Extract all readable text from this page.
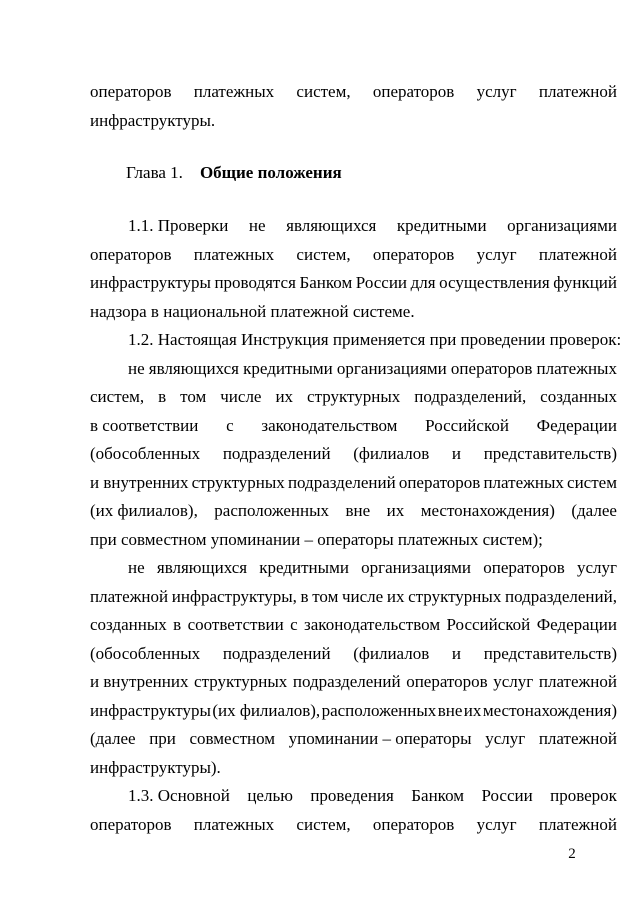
операторов платежных систем, операторов услуг платежной
инфраструктуры.
Глава 1. Общие положения
1.1. Проверки не являющихся кредитными организациями
операторов платежных систем, операторов услуг платежной
инфраструктуры проводятся Банком России для осуществления функций
надзора в национальной платежной системе.
1.2. Настоящая Инструкция применяется при проведении проверок:
не являющихся кредитными организациями операторов платежных
систем, в том числе их структурных подразделений, созданных
в соответствии с законодательством Российской Федерации
(обособленных подразделений (филиалов и представительств)
и внутренних структурных подразделений операторов платежных систем
(их филиалов), расположенных вне их местонахождения) (далее
при совместном упоминании – операторы платежных систем);
не являющихся кредитными организациями операторов услуг
платежной инфраструктуры, в том числе их структурных подразделений,
созданных в соответствии с законодательством Российской Федерации
(обособленных подразделений (филиалов и представительств)
и внутренних структурных подразделений операторов услуг платежной
инфраструктуры (их филиалов), расположенных вне их местонахождения)
(далее при совместном упоминании – операторы услуг платежной
инфраструктуры).
1.3. Основной целью проведения Банком России проверок
операторов платежных систем, операторов услуг платежной
2
